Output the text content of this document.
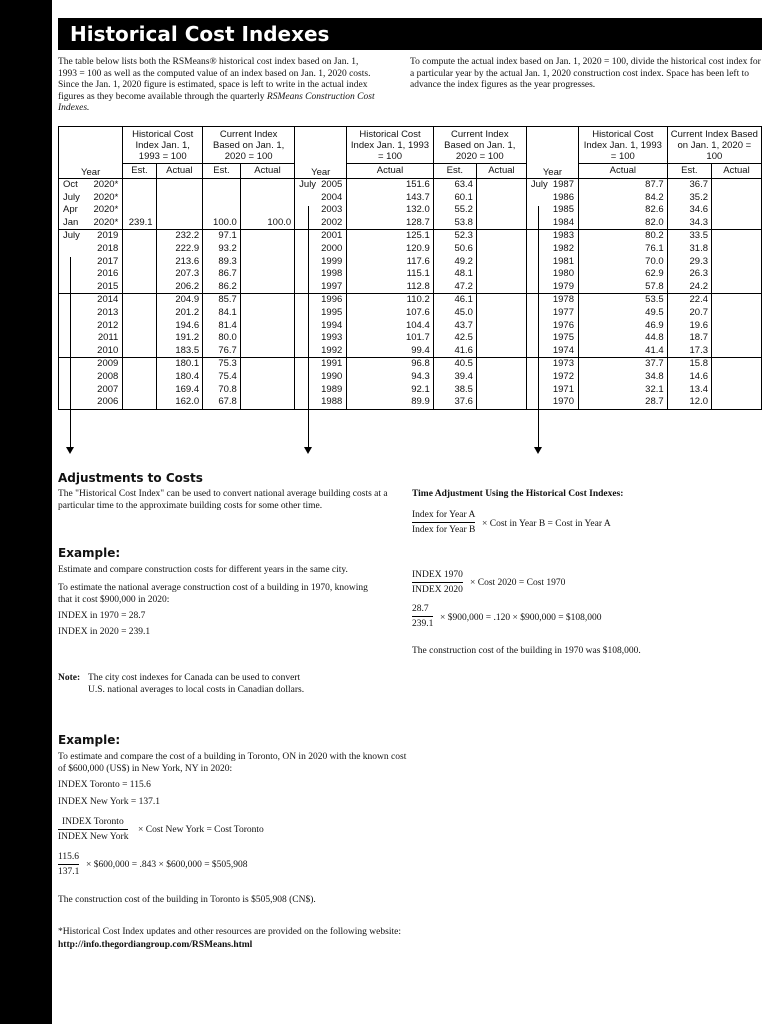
Historical Cost Indexes
The table below lists both the RSMeans® historical cost index based on Jan. 1, 1993 = 100 as well as the computed value of an index based on Jan. 1, 2020 costs. Since the Jan. 1, 2020 figure is estimated, space is left to write in the actual index figures as they become available through the quarterly RSMeans Construction Cost Indexes.
To compute the actual index based on Jan. 1, 2020 = 100, divide the historical cost index for a particular year by the actual Jan. 1, 2020 construction cost index. Space has been left to advance the index figures as the year progresses.
Year	Historical Cost Index Jan. 1, 1993 = 100		Current Index Based on Jan. 1, 2020 = 100		Year	Historical Cost Index Jan. 1, 1993 = 100	Current Index Based on Jan. 1, 2020 = 100		Year	Historical Cost Index Jan. 1, 1993 = 100	Current Index Based on Jan. 1, 2020 = 100	
	Est.	Actual	Est.	Actual		Actual	Est.	Actual		Actual	Est.	Actual

Oct 2020*					July 2005	151.6	63.4		July 1987	87.7	36.7	

July 2020*					2004	143.7	60.1		1986	84.2	35.2	

Apr 2020*					2003	132.0	55.2		1985	82.6	34.6	

Jan 2020*	239.1		100.0	100.0	2002	128.7	53.8		1984	82.0	34.3	

July 2019		232.2	97.1		2001	125.1	52.3		1983	80.2	33.5	

2018		222.9	93.2		2000	120.9	50.6		1982	76.1	31.8	

2017		213.6	89.3		1999	117.6	49.2		1981	70.0	29.3	

2016		207.3	86.7		1998	115.1	48.1		1980	62.9	26.3	

2015		206.2	86.2		1997	112.8	47.2		1979	57.8	24.2	

2014		204.9	85.7		1996	110.2	46.1		1978	53.5	22.4	

2013		201.2	84.1		1995	107.6	45.0		1977	49.5	20.7	

2012		194.6	81.4		1994	104.4	43.7		1976	46.9	19.6	

2011		191.2	80.0		1993	101.7	42.5		1975	44.8	18.7	

2010		183.5	76.7		1992	99.4	41.6		1974	41.4	17.3	

2009		180.1	75.3		1991	96.8	40.5		1973	37.7	15.8	

2008		180.4	75.4		1990	94.3	39.4		1972	34.8	14.6	

2007		169.4	70.8		1989	92.1	38.5		1971	32.1	13.4	

2006		162.0	67.8		1988	89.9	37.6		1970	28.7	12.0	
Adjustments to Costs
The "Historical Cost Index" can be used to convert national average building costs at a particular time to the approximate building costs for some other time.
Time Adjustment Using the Historical Cost Indexes:
Index for Year A
Index for Year B
× Cost in Year B = Cost in Year A
Example:
Estimate and compare construction costs for different years in the same city.
To estimate the national average construction cost of a building in 1970, knowing that it cost $900,000 in 2020:
INDEX in 1970 = 28.7
INDEX in 2020 = 239.1
INDEX 1970
INDEX 2020
× Cost 2020 = Cost 1970
28.7
239.1
× $900,000 = .120 × $900,000 = $108,000
The construction cost of the building in 1970 was $108,000.
Note: The city cost indexes for Canada can be used to convert
U.S. national averages to local costs in Canadian dollars.
Example:
To estimate and compare the cost of a building in Toronto, ON in 2020 with the known cost of $600,000 (US$) in New York, NY in 2020:
INDEX Toronto = 115.6
INDEX New York = 137.1
INDEX Toronto
INDEX New York
× Cost New York = Cost Toronto
115.6
137.1
× $600,000 = .843 × $600,000 = $505,908
The construction cost of the building in Toronto is $505,908 (CN$).
*Historical Cost Index updates and other resources are provided on the following website:
http://info.thegordiangroup.com/RSMeans.html
